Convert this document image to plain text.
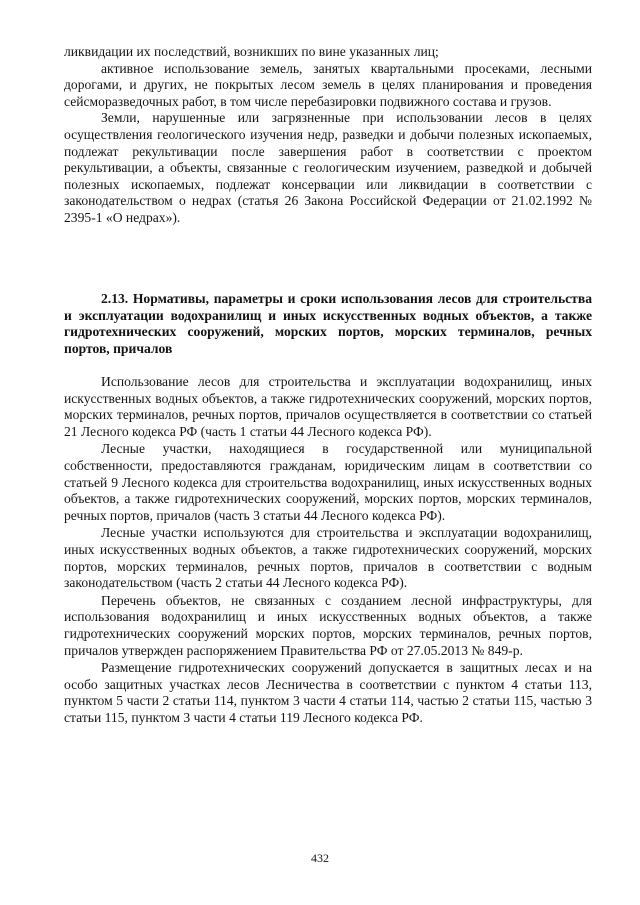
ликвидации их последствий, возникших по вине указанных лиц;

активное использование земель, занятых квартальными просеками, лесными дорогами, и других, не покрытых лесом земель в целях планирования и проведения сейсморазведочных работ, в том числе перебазировки подвижного состава и грузов.

Земли, нарушенные или загрязненные при использовании лесов в целях осуществления геологического изучения недр, разведки и добычи полезных ископаемых, подлежат рекультивации после завершения работ в соответствии с проектом рекультивации, а объекты, связанные с геологическим изучением, разведкой и добычей полезных ископаемых, подлежат консервации или ликвидации в соответствии с законодательством о недрах (статья 26 Закона Российской Федерации от 21.02.1992 № 2395-1 «О недрах»).

2.13. Нормативы, параметры и сроки использования лесов для строительства и эксплуатации водохранилищ и иных искусственных водных объектов, а также гидротехнических сооружений, морских портов, морских терминалов, речных портов, причалов

Использование лесов для строительства и эксплуатации водохранилищ, иных искусственных водных объектов, а также гидротехнических сооружений, морских портов, морских терминалов, речных портов, причалов осуществляется в соответствии со статьей 21 Лесного кодекса РФ (часть 1 статьи 44 Лесного кодекса РФ).

Лесные участки, находящиеся в государственной или муниципальной собственности, предоставляются гражданам, юридическим лицам в соответствии со статьей 9 Лесного кодекса для строительства водохранилищ, иных искусственных водных объектов, а также гидротехнических сооружений, морских портов, морских терминалов, речных портов, причалов (часть 3 статьи 44 Лесного кодекса РФ).

Лесные участки используются для строительства и эксплуатации водохранилищ, иных искусственных водных объектов, а также гидротехнических сооружений, морских портов, морских терминалов, речных портов, причалов в соответствии с водным законодательством (часть 2 статьи 44 Лесного кодекса РФ).

Перечень объектов, не связанных с созданием лесной инфраструктуры, для использования водохранилищ и иных искусственных водных объектов, а также гидротехнических сооружений морских портов, морских терминалов, речных портов, причалов утвержден распоряжением Правительства РФ от 27.05.2013 № 849-р.

Размещение гидротехнических сооружений допускается в защитных лесах и на особо защитных участках лесов Лесничества в соответствии с пунктом 4 статьи 113, пунктом 5 части 2 статьи 114, пунктом 3 части 4 статьи 114, частью 2 статьи 115, частью 3 статьи 115, пунктом 3 части 4 статьи 119 Лесного кодекса РФ.

432
